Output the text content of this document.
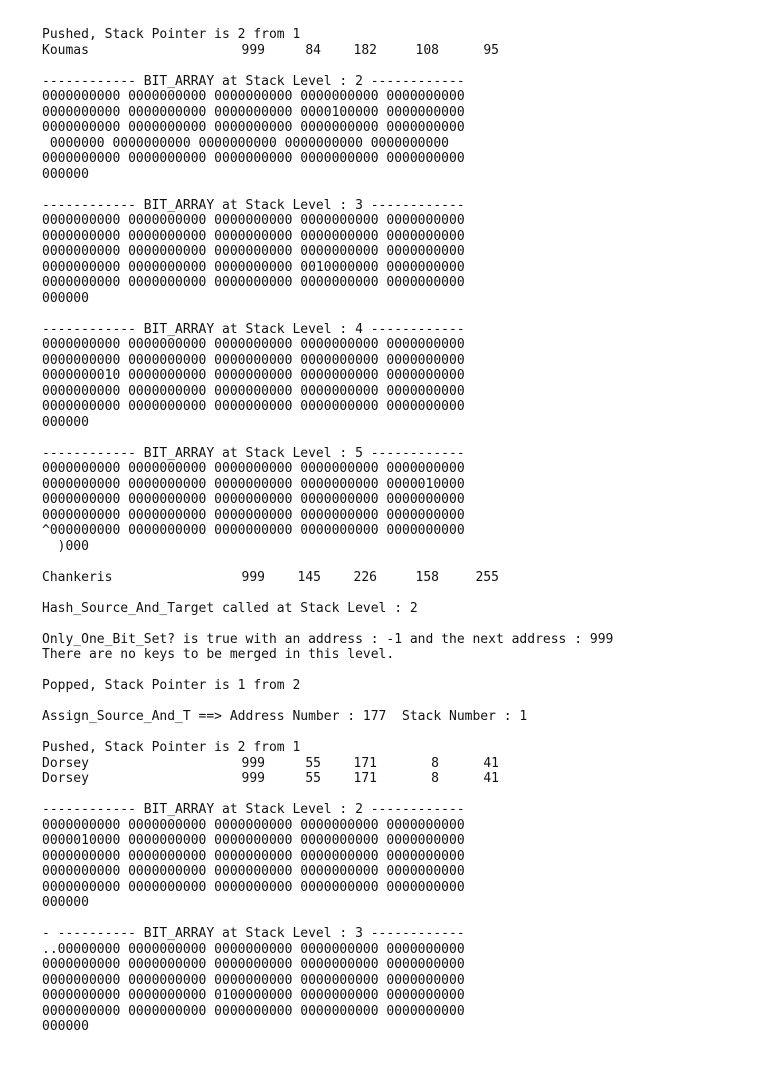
Pushed, Stack Pointer is 2 from 1
Koumas	999	84	182	108	95
------------ BIT_ARRAY at Stack Level : 2 ------------
0000000000 0000000000 0000000000 0000000000 0000000000
0000000000 0000000000 0000000000 0000100000 0000000000
0000000000 0000000000 0000000000 0000000000 0000000000
0000000 0000000000 0000000000 0000000000 0000000000
0000000000 0000000000 0000000000 0000000000 0000000000
000000
------------ BIT_ARRAY at Stack Level : 3 ------------
0000000000 0000000000 0000000000 0000000000 0000000000
0000000000 0000000000 0000000000 0000000000 0000000000
0000000000 0000000000 0000000000 0000000000 0000000000
0000000000 0000000000 0000000000 0010000000 0000000000
0000000000 0000000000 0000000000 0000000000 0000000000
000000
------------ BIT_ARRAY at Stack Level : 4 ------------
0000000000 0000000000 0000000000 0000000000 0000000000
0000000000 0000000000 0000000000 0000000000 0000000000
0000000010 0000000000 0000000000 0000000000 0000000000
0000000000 0000000000 0000000000 0000000000 0000000000
0000000000 0000000000 0000000000 0000000000 0000000000
000000
------------ BIT_ARRAY at Stack Level : 5 ------------
0000000000 0000000000 0000000000 0000000000 0000000000
0000000000 0000000000 0000000000 0000000000 0000010000
0000000000 0000000000 0000000000 0000000000 0000000000
0000000000 0000000000 0000000000 0000000000 0000000000
^000000000 0000000000 0000000000 0000000000 0000000000
)000
Chankeris	999	145	226	158	255
Hash_Source_And_Target called at Stack Level : 2
Only_One_Bit_Set? is true with an address : -1 and the next address : 999
There are no keys to be merged in this level.
Popped, Stack Pointer is 1 from 2
Assign_Source_And_T ==> Address Number : 177  Stack Number : 1
Pushed, Stack Pointer is 2 from 1
Dorsey	999	55	171	8	41
Dorsey	999	55	171	8	41
------------ BIT_ARRAY at Stack Level : 2 ------------
0000000000 0000000000 0000000000 0000000000 0000000000
0000010000 0000000000 0000000000 0000000000 0000000000
0000000000 0000000000 0000000000 0000000000 0000000000
0000000000 0000000000 0000000000 0000000000 0000000000
0000000000 0000000000 0000000000 0000000000 0000000000
000000
- ---------- BIT_ARRAY at Stack Level : 3 ------------
..00000000 0000000000 0000000000 0000000000 0000000000
0000000000 0000000000 0000000000 0000000000 0000000000
0000000000 0000000000 0000000000 0000000000 0000000000
0000000000 0000000000 0100000000 0000000000 0000000000
0000000000 0000000000 0000000000 0000000000 0000000000
000000
